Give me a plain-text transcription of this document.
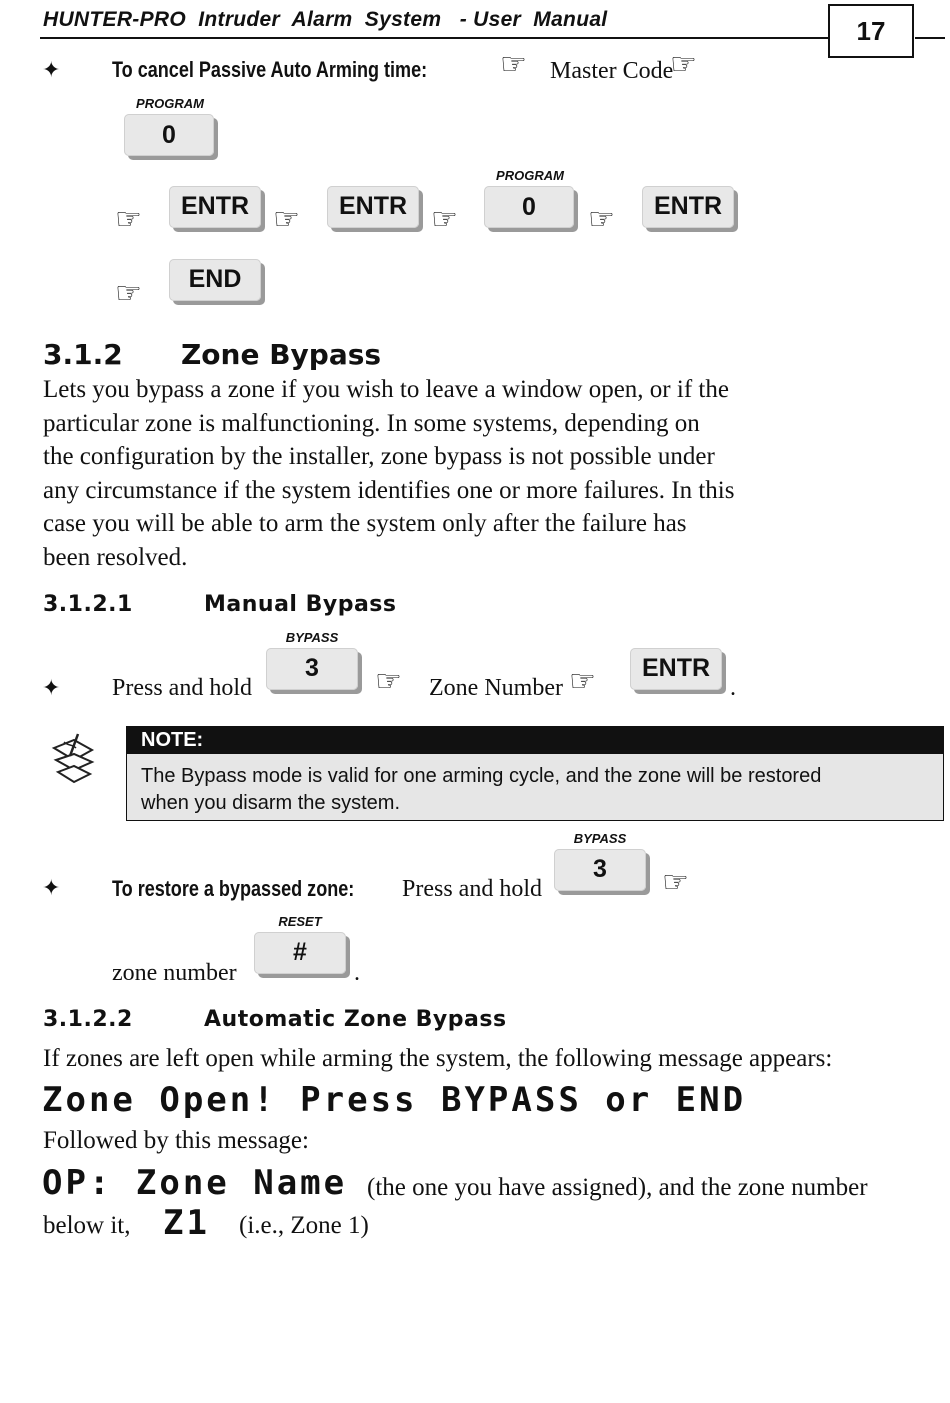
HUNTER-PRO  Intruder  Alarm  System   - User  Manual	17
✦ To cancel Passive Auto Arming time: ☞ Master Code
☞
PROGRAM
0
☞	ENTR ☞	ENTR ☞
PROGRAM
0	☞	ENTR
☞	END
3.1.2 Zone Bypass
Lets you bypass a zone if you wish to leave a window open, or if the
particular zone is malfunctioning. In some systems, depending on
the configuration by the installer, zone bypass is not possible under
any circumstance if the system identifies one or more failures. In this
case you will be able to arm the system only after the failure has
been resolved.
3.1.2.1	Manual Bypass
✦ Press and hold
BYPASS
3	☞ Zone Number ☞	ENTR
.
NOTE:
The Bypass mode is valid for one arming cycle, and the zone will be restored
when you disarm the system.
✦ To restore a bypassed zone: Press and hold
BYPASS
3	☞
zone number
RESET
#
.
3.1.2.2	Automatic Zone Bypass
If zones are left open while arming the system, the following message appears:
Zone Open! Press BYPASS or END
Followed by this message:
OP: Zone Name (the one you have assigned), and the zone number
below it, Z1 (i.e., Zone 1)
